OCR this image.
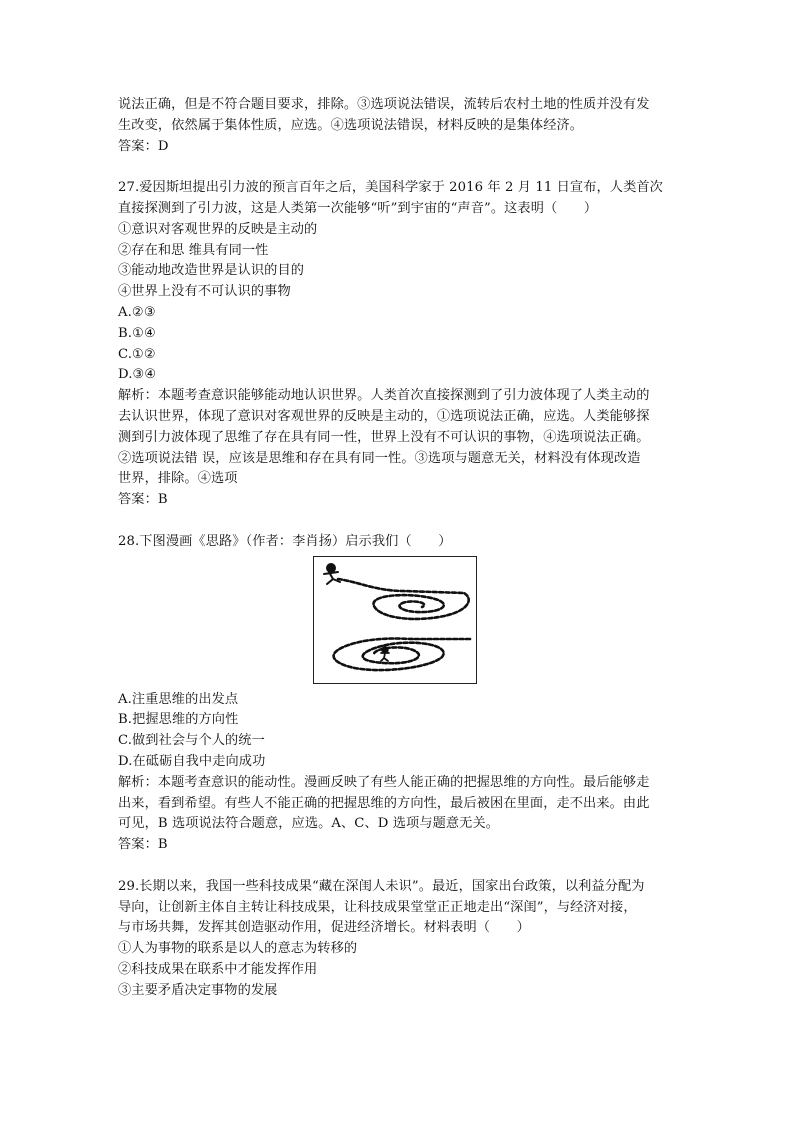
说法正确，但是不符合题目要求，排除。③选项说法错误，流转后农村土地的性质并没有发
生改变，依然属于集体性质，应选。④选项说法错误，材料反映的是集体经济。
答案：D
27.爱因斯坦提出引力波的预言百年之后，美国科学家于 2016 年 2 月 11 日宣布，人类首次
直接探测到了引力波，这是人类第一次能够“听”到宇宙的“声音”。这表明（　　）
①意识对客观世界的反映是主动的
②存在和思 维具有同一性
③能动地改造世界是认识的目的
④世界上没有不可认识的事物
A.②③
B.①④
C.①②
D.③④
解析：本题考查意识能够能动地认识世界。人类首次直接探测到了引力波体现了人类主动的
去认识世界，体现了意识对客观世界的反映是主动的，①选项说法正确，应选。人类能够探
测到引力波体现了思维了存在具有同一性，世界上没有不可认识的事物，④选项说法正确。
②选项说法错 误，应该是思维和存在具有同一性。③选项与题意无关，材料没有体现改造
世界，排除。④选项
答案：B
28.下图漫画《思路》（作者：李肖扬）启示我们（　　）
A.注重思维的出发点
B.把握思维的方向性
C.做到社会与个人的统一
D.在砥砺自我中走向成功
解析：本题考查意识的能动性。漫画反映了有些人能正确的把握思维的方向性。最后能够走
出来，看到希望。有些人不能正确的把握思维的方向性，最后被困在里面，走不出来。由此
可见，B 选项说法符合题意，应选。A、C、D 选项与题意无关。
答案：B
29.长期以来，我国一些科技成果“藏在深闺人未识”。最近，国家出台政策，以利益分配为
导向，让创新主体自主转让科技成果，让科技成果堂堂正正地走出“深闺”，与经济对接，
与市场共舞，发挥其创造驱动作用，促进经济增长。材料表明（　　）
①人为事物的联系是以人的意志为转移的
②科技成果在联系中才能发挥作用
③主要矛盾决定事物的发展
